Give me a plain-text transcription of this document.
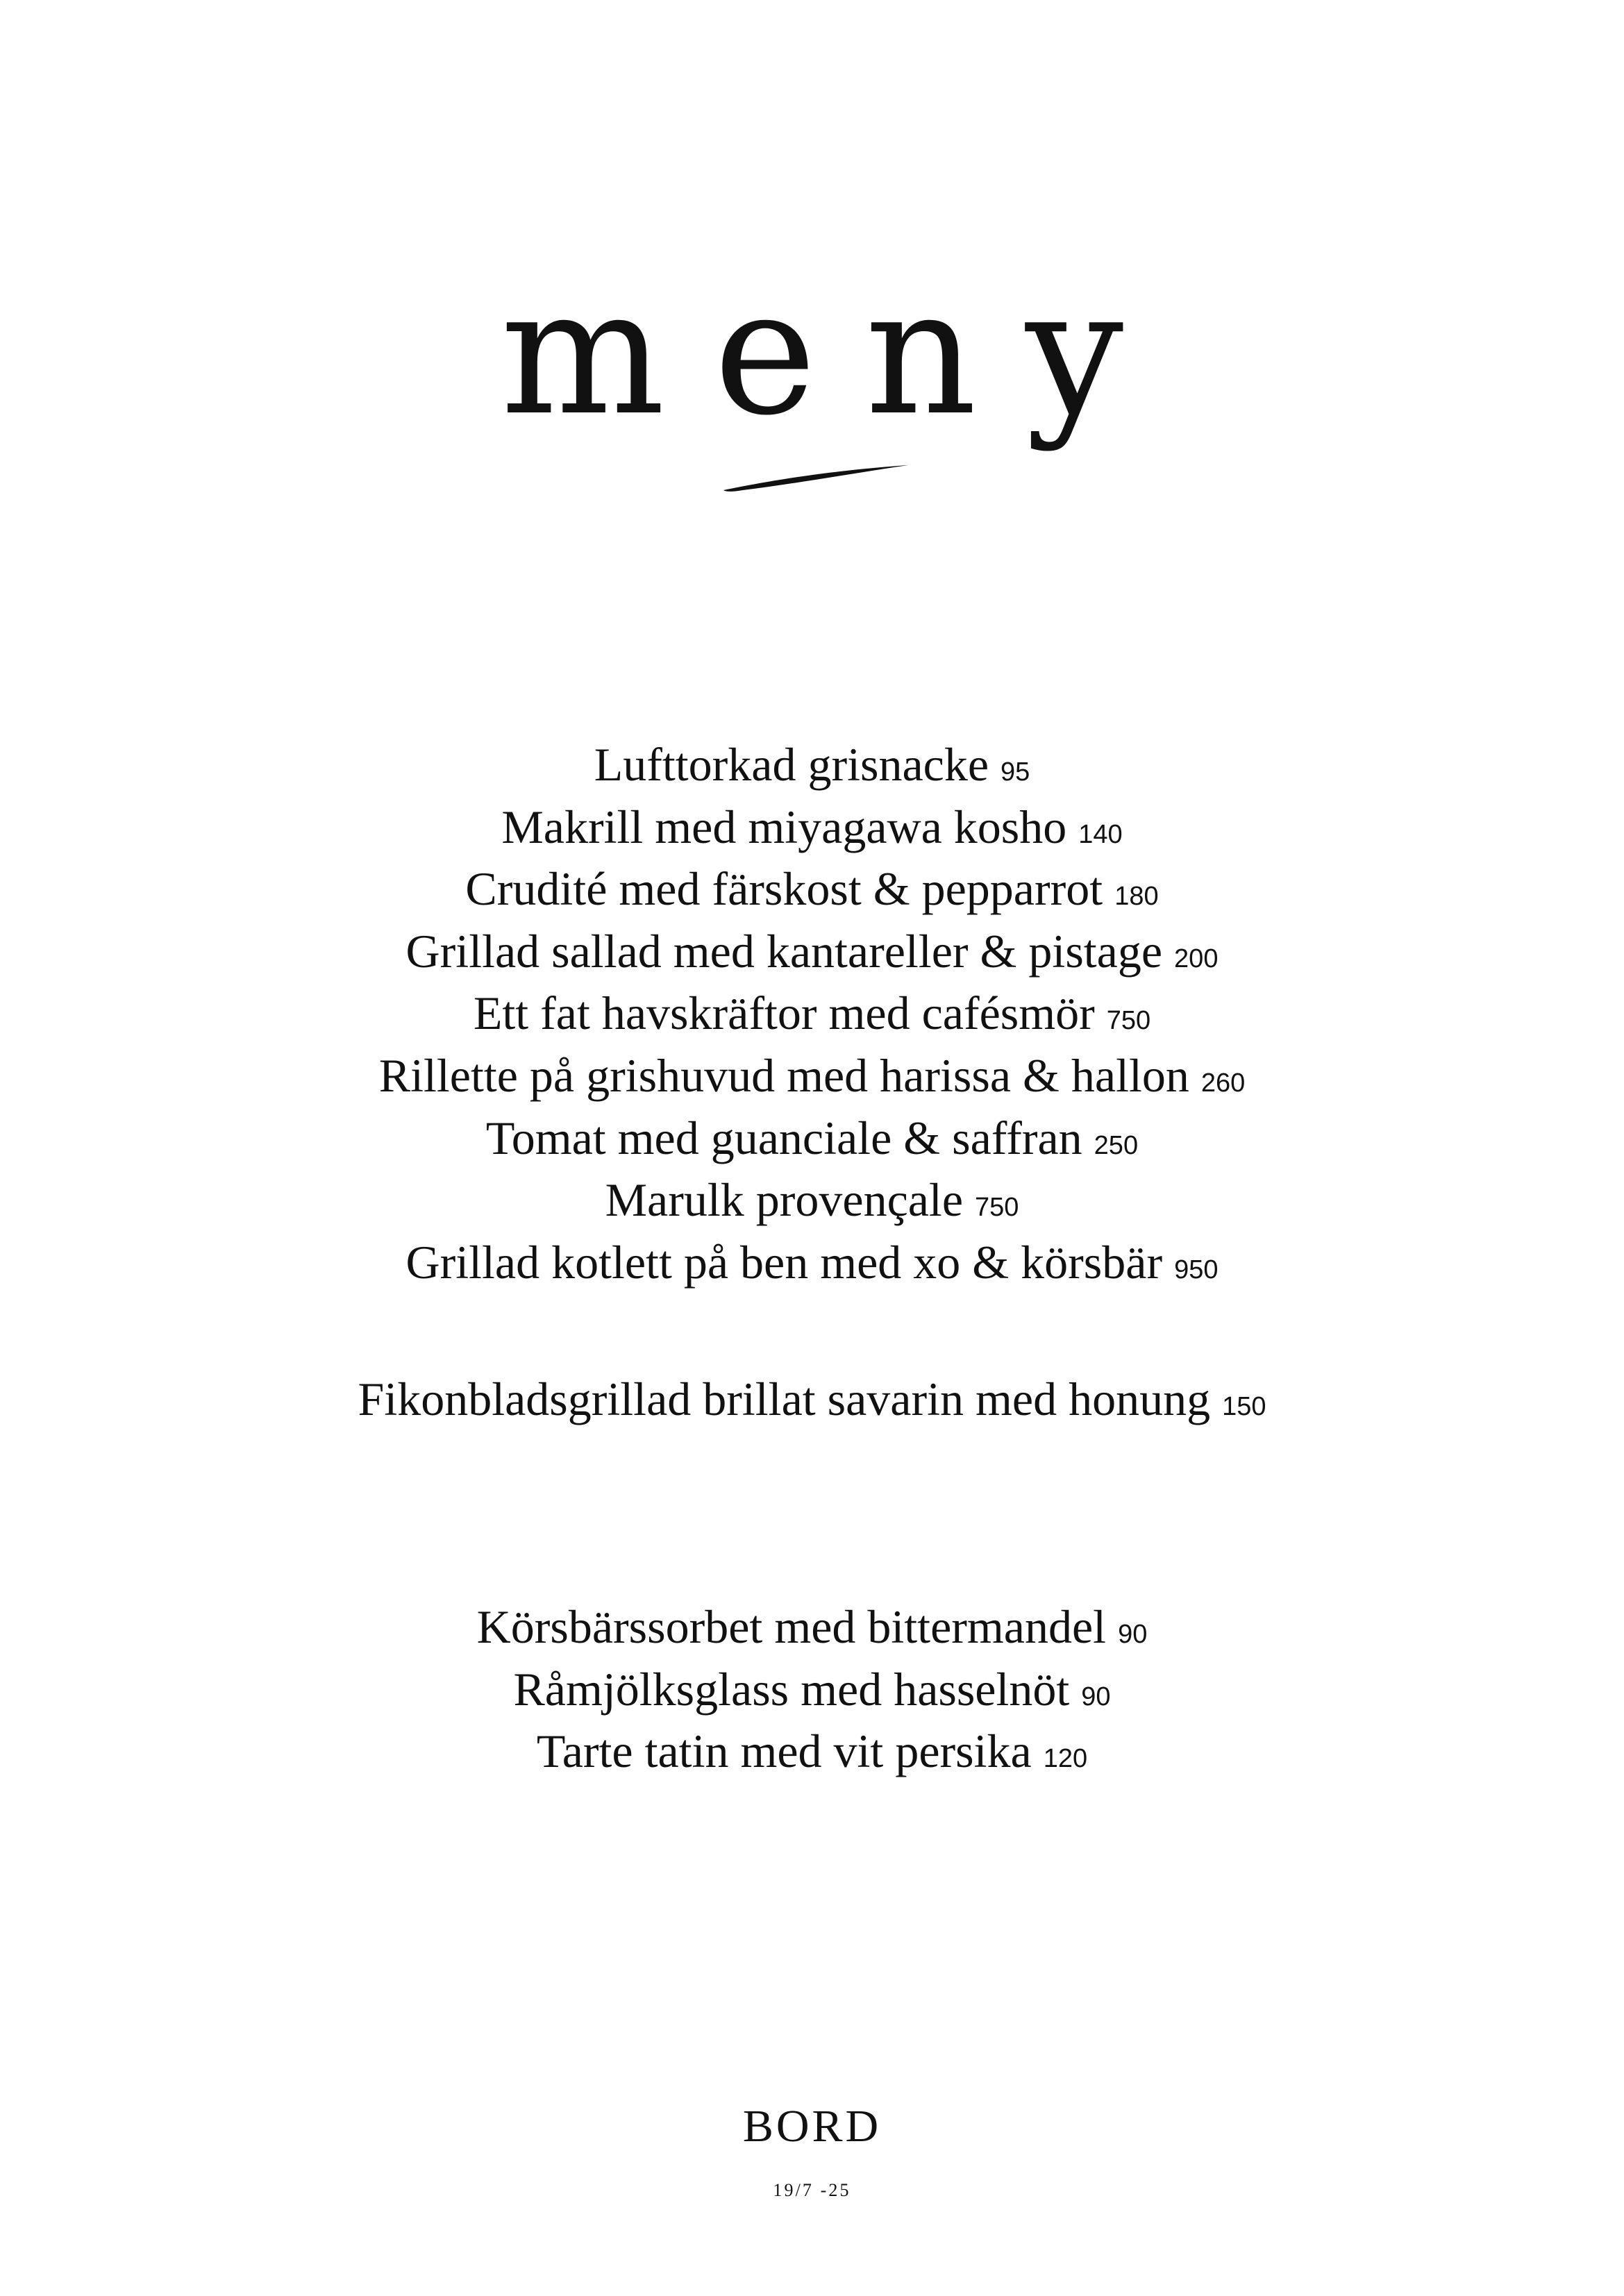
meny
Lufttorkad grisnacke 95
Makrill med miyagawa kosho 140
Crudité med färskost & pepparrot 180
Grillad sallad med kantareller & pistage 200
Ett fat havskräftor med cafésmör 750
Rillette på grishuvud med harissa & hallon 260
Tomat med guanciale & saffran 250
Marulk provençale 750
Grillad kotlett på ben med xo & körsbär 950
Fikonbladsgrillad brillat savarin med honung 150
Körsbärssorbet med bittermandel 90
Råmjölksglass med hasselnöt 90
Tarte tatin med vit persika 120
BORD
19/7 -25
